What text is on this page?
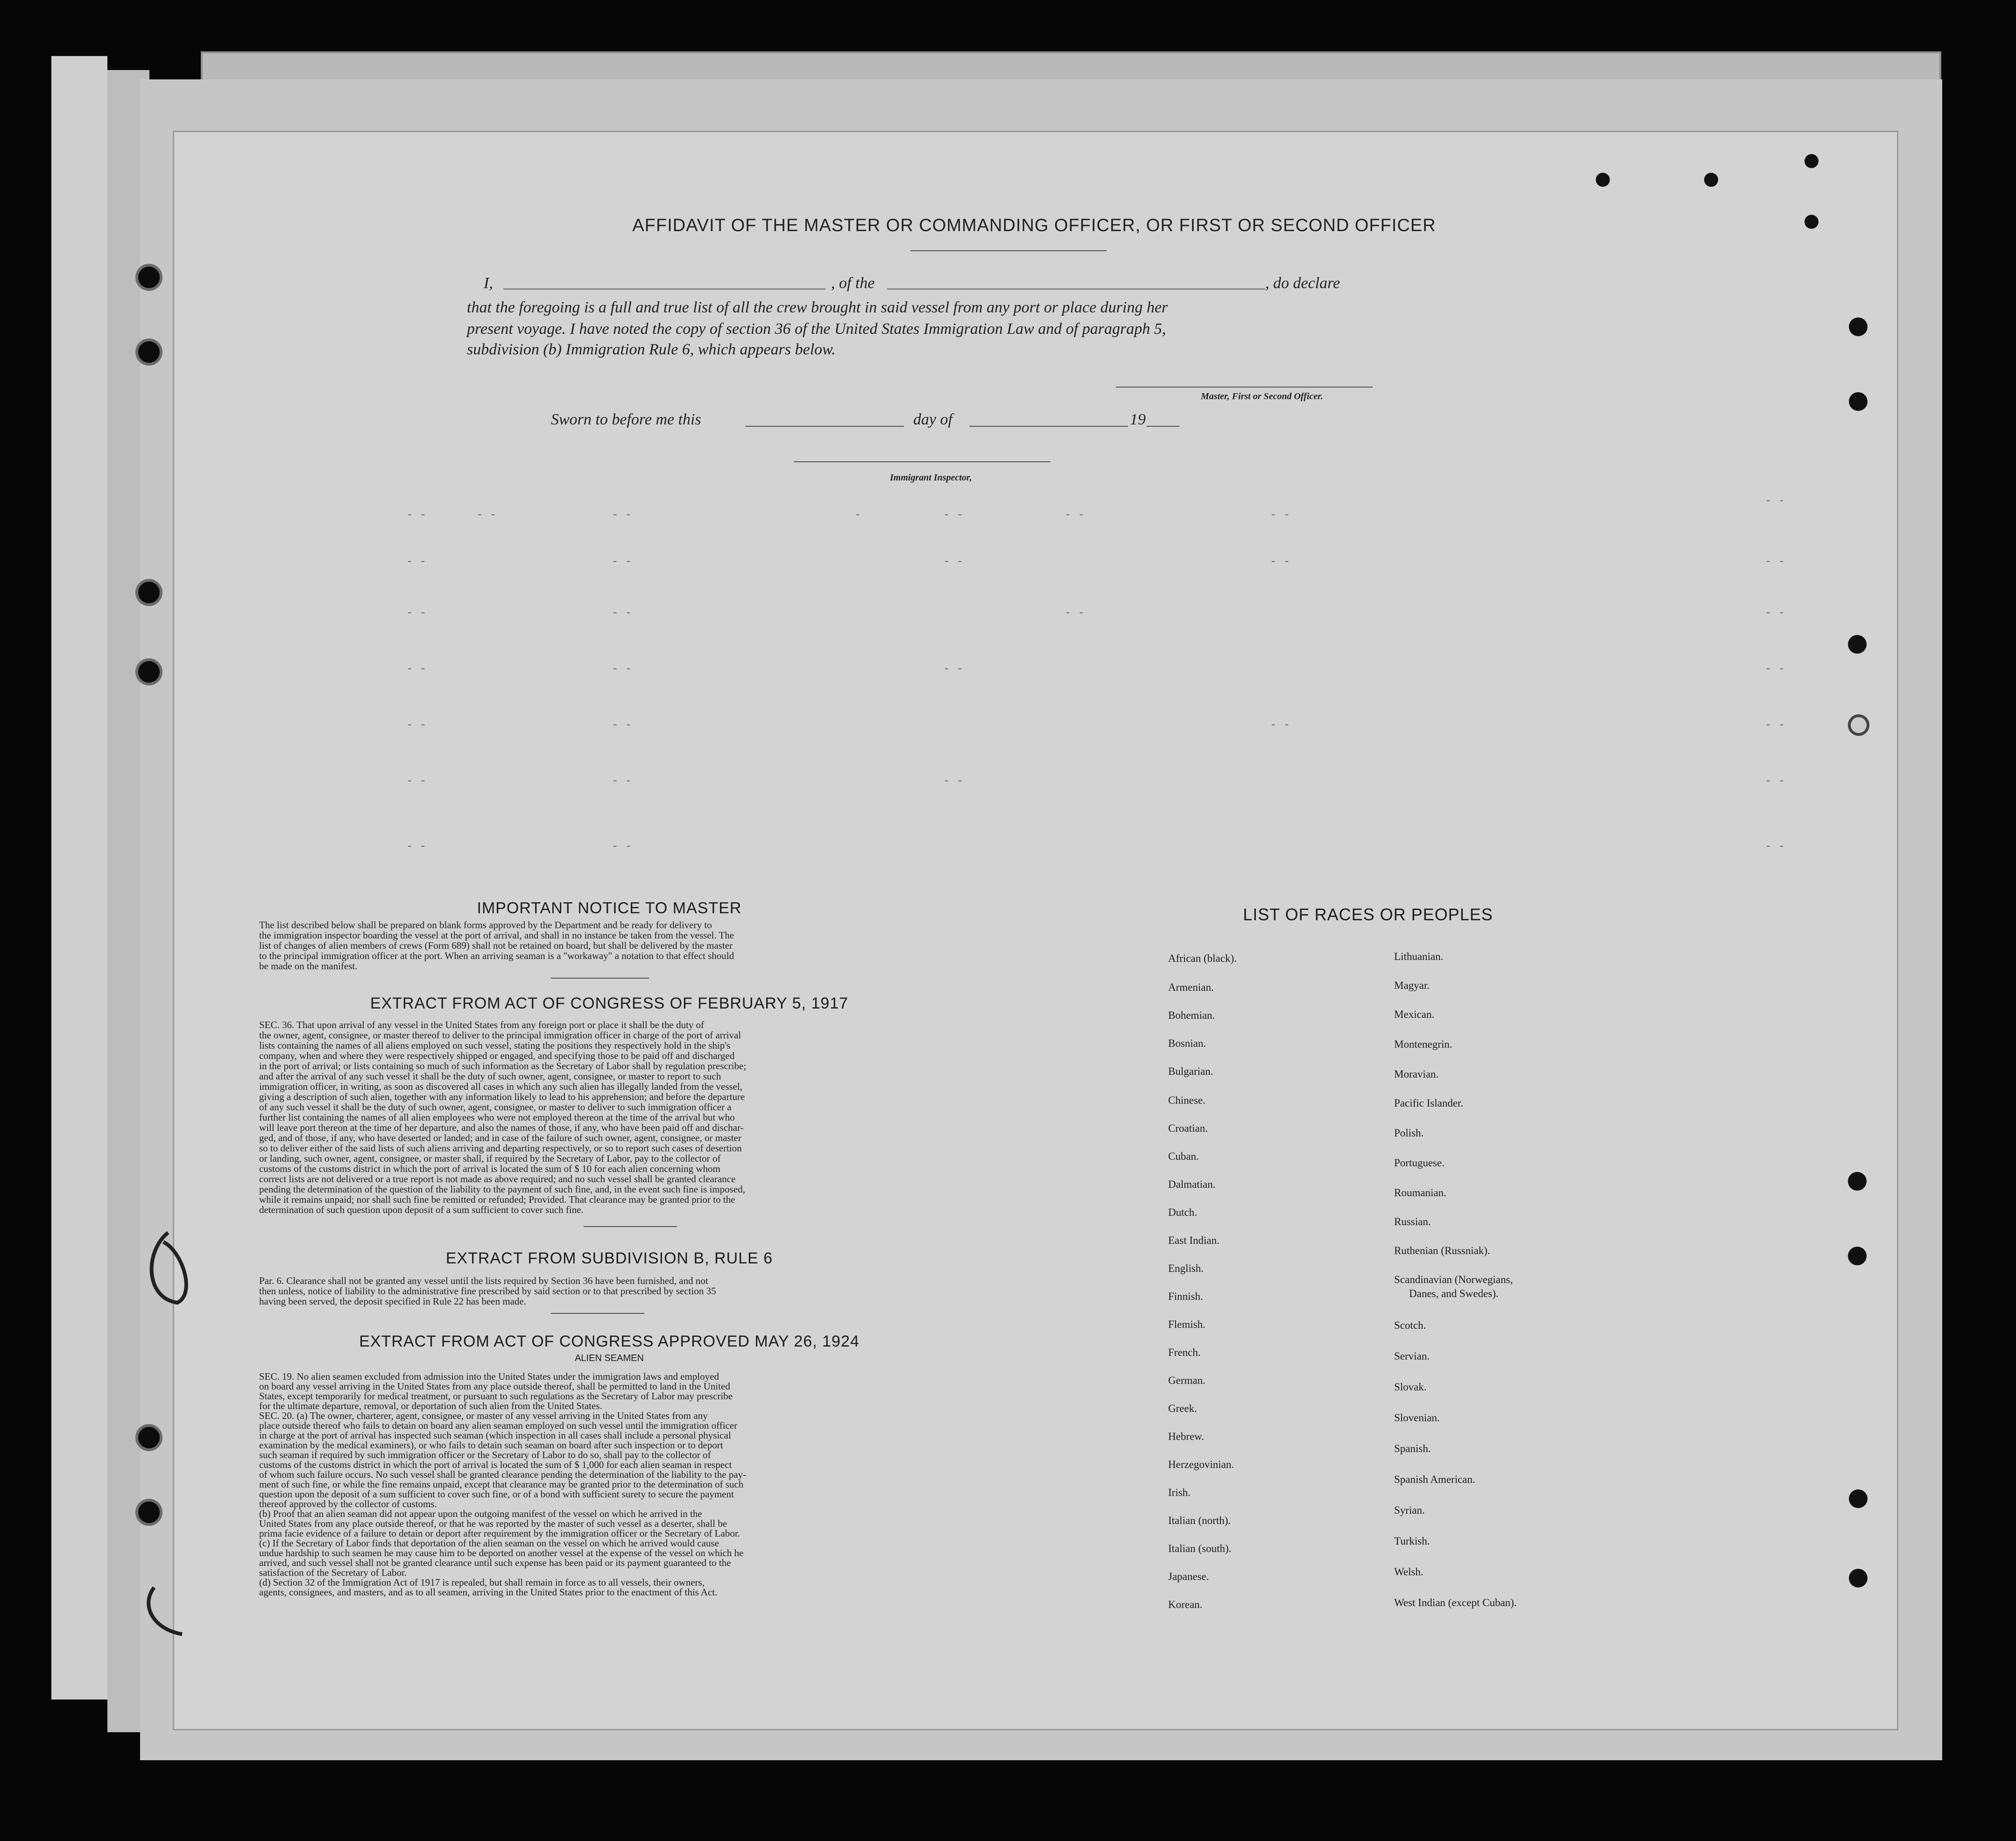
AFFIDAVIT OF THE MASTER OR COMMANDING OFFICER, OR FIRST OR SECOND OFFICER
I,	, of the	, do declare
that the foregoing is a full and true list of all the crew brought in said vessel from any port or place during her
present voyage. I have noted the copy of section 36 of the United States Immigration Law and of paragraph 5,
subdivision (b) Immigration Rule 6, which appears below.
Master, First or Second Officer.
Sworn to before me this	day of	19
Immigrant Inspector,
- -	- -	- -	-	- -	- -	- -
- -
- -	- -	- -	- -	- -
- -	- -	- -	- -
- -	- -	- -	- -
- -	- -	- -	- -
- -	- -	- -	- -
- -	- -	- -
IMPORTANT NOTICE TO MASTER
The list described below shall be prepared on blank forms approved by the Department and be ready for delivery to
the immigration inspector boarding the vessel at the port of arrival, and shall in no instance be taken from the vessel. The
list of changes of alien members of crews (Form 689) shall not be retained on board, but shall be delivered by the master
to the principal immigration officer at the port. When an arriving seaman is a "workaway" a notation to that effect should
be made on the manifest.
EXTRACT FROM ACT OF CONGRESS OF FEBRUARY 5, 1917
SEC. 36. That upon arrival of any vessel in the United States from any foreign port or place it shall be the duty of
the owner, agent, consignee, or master thereof to deliver to the principal immigration officer in charge of the port of arrival
lists containing the names of all aliens employed on such vessel, stating the positions they respectively hold in the ship's
company, when and where they were respectively shipped or engaged, and specifying those to be paid off and discharged
in the port of arrival; or lists containing so much of such information as the Secretary of Labor shall by regulation prescribe;
and after the arrival of any such vessel it shall be the duty of such owner, agent, consignee, or master to report to such
immigration officer, in writing, as soon as discovered all cases in which any such alien has illegally landed from the vessel,
giving a description of such alien, together with any information likely to lead to his apprehension; and before the departure
of any such vessel it shall be the duty of such owner, agent, consignee, or master to deliver to such immigration officer a
further list containing the names of all alien employees who were not employed thereon at the time of the arrival but who
will leave port thereon at the time of her departure, and also the names of those, if any, who have been paid off and dischar-
ged, and of those, if any, who have deserted or landed; and in case of the failure of such owner, agent, consignee, or master
so to deliver either of the said lists of such aliens arriving and departing respectively, or so to report such cases of desertion
or landing, such owner, agent, consignee, or master shall, if required by the Secretary of Labor, pay to the collector of
customs of the customs district in which the port of arrival is located the sum of $ 10 for each alien concerning whom
correct lists are not delivered or a true report is not made as above required; and no such vessel shall be granted clearance
pending the determination of the question of the liability to the payment of such fine, and, in the event such fine is imposed,
while it remains unpaid; nor shall such fine be remitted or refunded; Provided. That clearance may be granted prior to the
determination of such question upon deposit of a sum sufficient to cover such fine.
EXTRACT FROM SUBDIVISION B, RULE 6
Par. 6. Clearance shall not be granted any vessel until the lists required by Section 36 have been furnished, and not
then unless, notice of liability to the administrative fine prescribed by said section or to that prescribed by section 35
having been served, the deposit specified in Rule 22 has been made.
EXTRACT FROM ACT OF CONGRESS APPROVED MAY 26, 1924
ALIEN SEAMEN
SEC. 19. No alien seamen excluded from admission into the United States under the immigration laws and employed
on board any vessel arriving in the United States from any place outside thereof, shall be permitted to land in the United
States, except temporarily for medical treatment, or pursuant to such regulations as the Secretary of Labor may prescribe
for the ultimate departure, removal, or deportation of such alien from the United States.
SEC. 20. (a) The owner, charterer, agent, consignee, or master of any vessel arriving in the United States from any
place outside thereof who fails to detain on board any alien seaman employed on such vessel until the immigration officer
in charge at the port of arrival has inspected such seaman (which inspection in all cases shall include a personal physical
examination by the medical examiners), or who fails to detain such seaman on board after such inspection or to deport
such seaman if required by such immigration officer or the Secretary of Labor to do so, shall pay to the collector of
customs of the customs district in which the port of arrival is located the sum of $ 1,000 for each alien seaman in respect
of whom such failure occurs. No such vessel shall be granted clearance pending the determination of the liability to the pay-
ment of such fine, or while the fine remains unpaid, except that clearance may be granted prior to the determination of such
question upon the deposit of a sum sufficient to cover such fine, or of a bond with sufficient surety to secure the payment
thereof approved by the collector of customs.
(b) Proof that an alien seaman did not appear upon the outgoing manifest of the vessel on which he arrived in the
United States from any place outside thereof, or that he was reported by the master of such vessel as a deserter, shall be
prima facie evidence of a failure to detain or deport after requirement by the immigration officer or the Secretary of Labor.
(c) If the Secretary of Labor finds that deportation of the alien seaman on the vessel on which he arrived would cause
undue hardship to such seamen he may cause him to be deported on another vessel at the expense of the vessel on which he
arrived, and such vessel shall not be granted clearance until such expense has been paid or its payment guaranteed to the
satisfaction of the Secretary of Labor.
(d) Section 32 of the Immigration Act of 1917 is repealed, but shall remain in force as to all vessels, their owners,
agents, consignees, and masters, and as to all seamen, arriving in the United States prior to the enactment of this Act.
LIST OF RACES OR PEOPLES
African (black).
Armenian.
Bohemian.
Bosnian.
Bulgarian.
Chinese.
Croatian.
Cuban.
Dalmatian.
Dutch.
East Indian.
English.
Finnish.
Flemish.
French.
German.
Greek.
Hebrew.
Herzegovinian.
Irish.
Italian (north).
Italian (south).
Japanese.
Korean.
Lithuanian.
Magyar.
Mexican.
Montenegrin.
Moravian.
Pacific Islander.
Polish.
Portuguese.
Roumanian.
Russian.
Ruthenian (Russniak).
Scandinavian (Norwegians,
Danes, and Swedes).
Scotch.
Servian.
Slovak.
Slovenian.
Spanish.
Spanish American.
Syrian.
Turkish.
Welsh.
West Indian (except Cuban).
